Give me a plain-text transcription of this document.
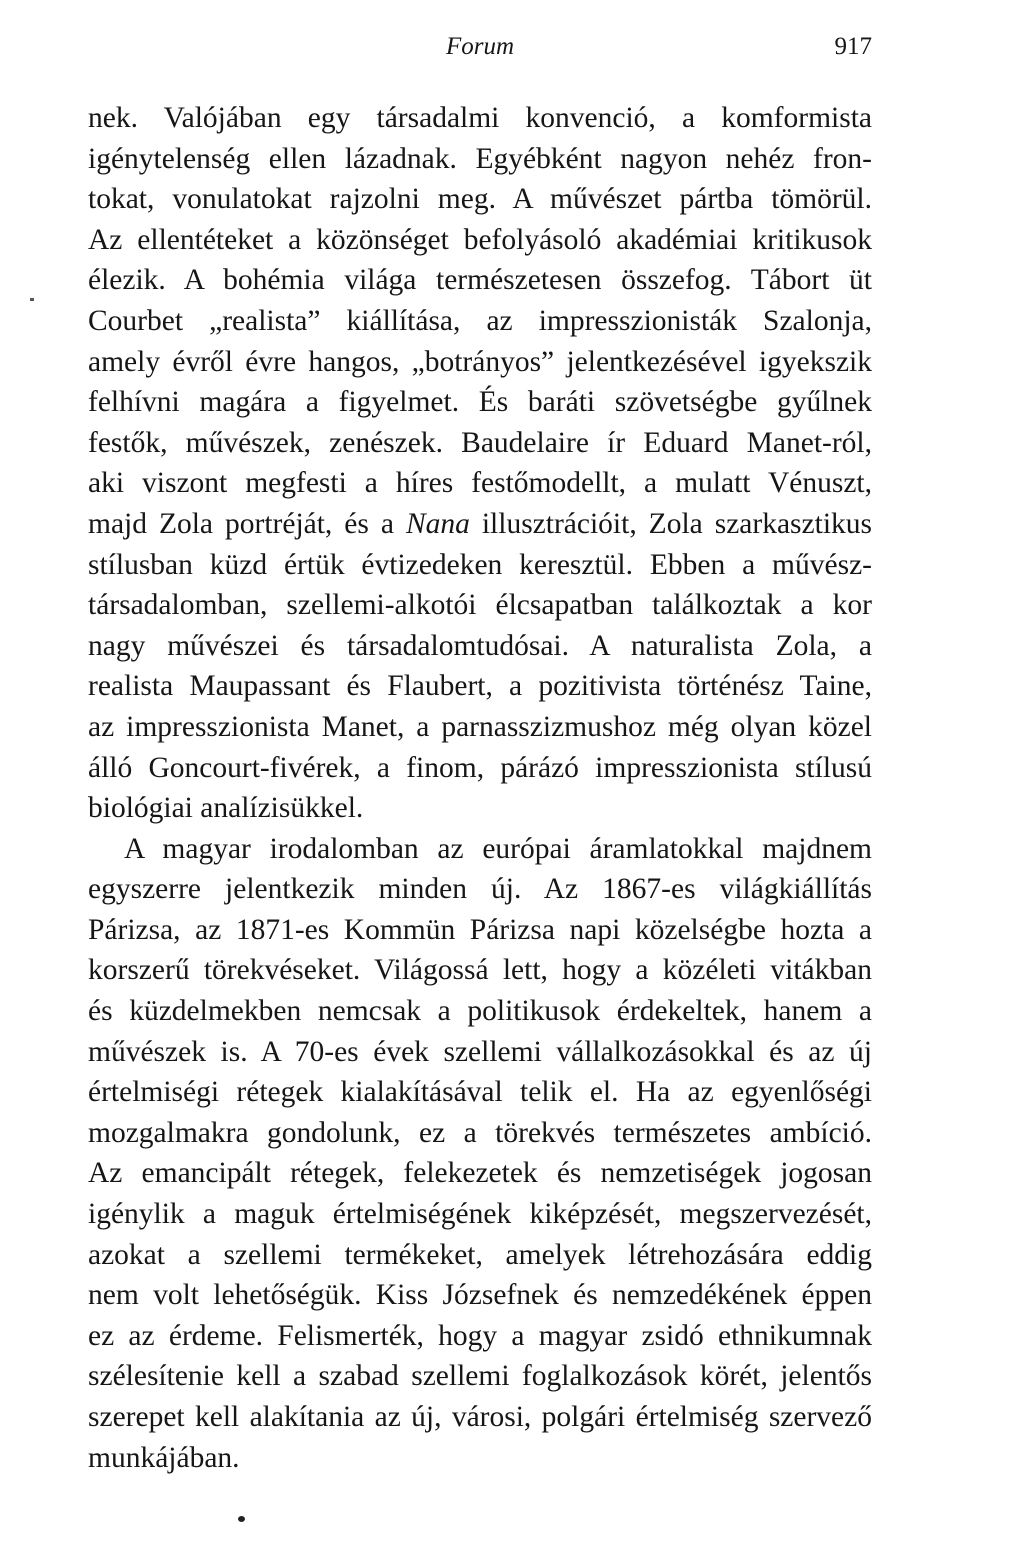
Forum	917

nek. Valójában egy társadalmi konvenció, a komformista
igénytelenség ellen lázadnak. Egyébként nagyon nehéz fron-
tokat, vonulatokat rajzolni meg. A művészet pártba tömörül.
Az ellentéteket a közönséget befolyásoló akadémiai kritikusok
élezik. A bohémia világa természetesen összefog. Tábort üt
Courbet „realista” kiállítása, az impresszionisták Szalonja,
amely évről évre hangos, „botrányos” jelentkezésével igyekszik
felhívni magára a figyelmet. És baráti szövetségbe gyűlnek
festők, művészek, zenészek. Baudelaire ír Eduard Manet-ról,
aki viszont megfesti a híres festőmodellt, a mulatt Vénuszt,
majd Zola portréját, és a Nana illusztrációit, Zola szarkasztikus
stílusban küzd értük évtizedeken keresztül. Ebben a művész-
társadalomban, szellemi-alkotói élcsapatban találkoztak a kor
nagy művészei és társadalomtudósai. A naturalista Zola, a
realista Maupassant és Flaubert, a pozitivista történész Taine,
az impresszionista Manet, a parnasszizmushoz még olyan közel
álló Goncourt-fivérek, a finom, párázó impresszionista stílusú
biológiai analízisükkel.

A magyar irodalomban az európai áramlatokkal majdnem
egyszerre jelentkezik minden új. Az 1867-es világkiállítás
Párizsa, az 1871-es Kommün Párizsa napi közelségbe hozta a
korszerű törekvéseket. Világossá lett, hogy a közéleti vitákban
és küzdelmekben nemcsak a politikusok érdekeltek, hanem a
művészek is. A 70-es évek szellemi vállalkozásokkal és az új
értelmiségi rétegek kialakításával telik el. Ha az egyenlőségi
mozgalmakra gondolunk, ez a törekvés természetes ambíció.
Az emancipált rétegek, felekezetek és nemzetiségek jogosan
igénylik a maguk értelmiségének kiképzését, megszervezését,
azokat a szellemi termékeket, amelyek létrehozására eddig
nem volt lehetőségük. Kiss Józsefnek és nemzedékének éppen
ez az érdeme. Felismerték, hogy a magyar zsidó ethnikumnak
szélesítenie kell a szabad szellemi foglalkozások körét, jelentős
szerepet kell alakítania az új, városi, polgári értelmiség szervező
munkájában.
